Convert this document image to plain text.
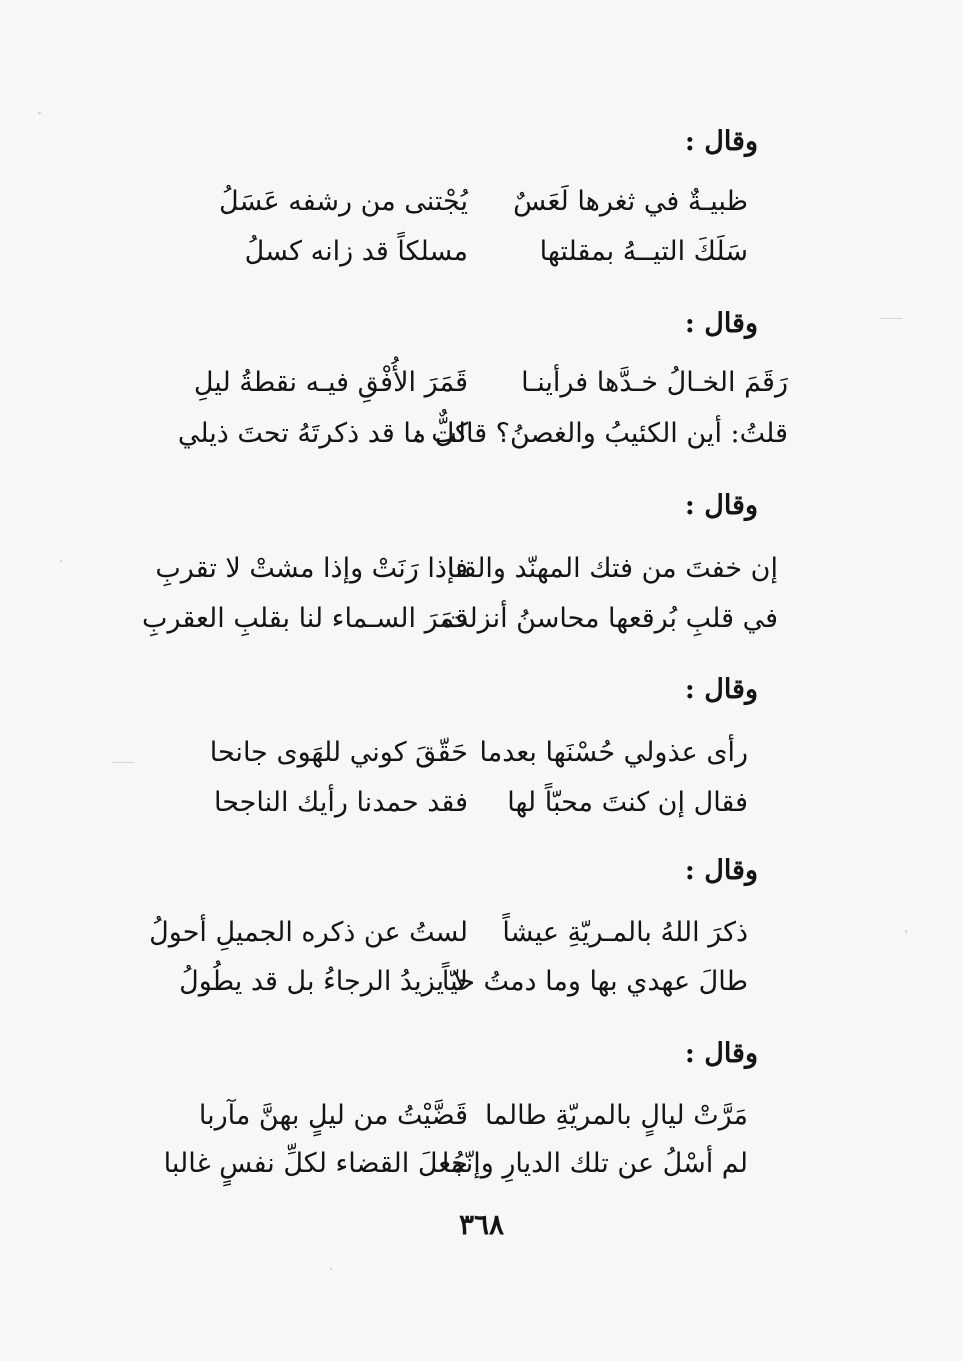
وقال :
ظبيـةٌ في ثغرها لَعَسٌ
يُجْتنى من رشفه عَسَلُ
سَلَكَ التيــهُ بمقلتها
مسلكاً قد زانه كسلُ
وقال :
رَقَمَ الخـالُ خـدَّها فرأينـا
قَمَرَ الأُفْقِ فيـه نقطةُ ليلِ
قلتُ: أين الكئيبُ والغصنُ؟ قالت :
كلٌّ ما قد ذكرتَهُ تحتَ ذيلي
وقال :
إن خفتَ من فتك المهنّد والقنا
فإذا رَنَتْ وإذا مشتْ لا تقربِ
في قلبِ بُرقعها محاسنُ أنزلت
قمَرَ السـماء لنا بقلبِ العقربِ
وقال :
رأى عذولي حُسْنَها بعدما
حَقّقَ كوني للهَوى جانحا
فقال إن كنتَ محبّاً لها
فقد حمدنا رأيك الناجحا
وقال :
ذكرَ اللهُ بالمـريّةِ عيشاً
لستُ عن ذكره الجميلِ أحولُ
طالَ عهدي بها وما دمتُ حيّاً
لا يزيدُ الرجاءُ بل قد يطُولُ
وقال :
مَرَّتْ ليالٍ بالمريّةِ طالما
قَضَّيْتُ من ليلٍ بهنَّ مآربا
لم أسْلُ عن تلك الديارِ وإنّما
جُعلَ القضاء لكلِّ نفسٍ غالبا
٣٦٨
